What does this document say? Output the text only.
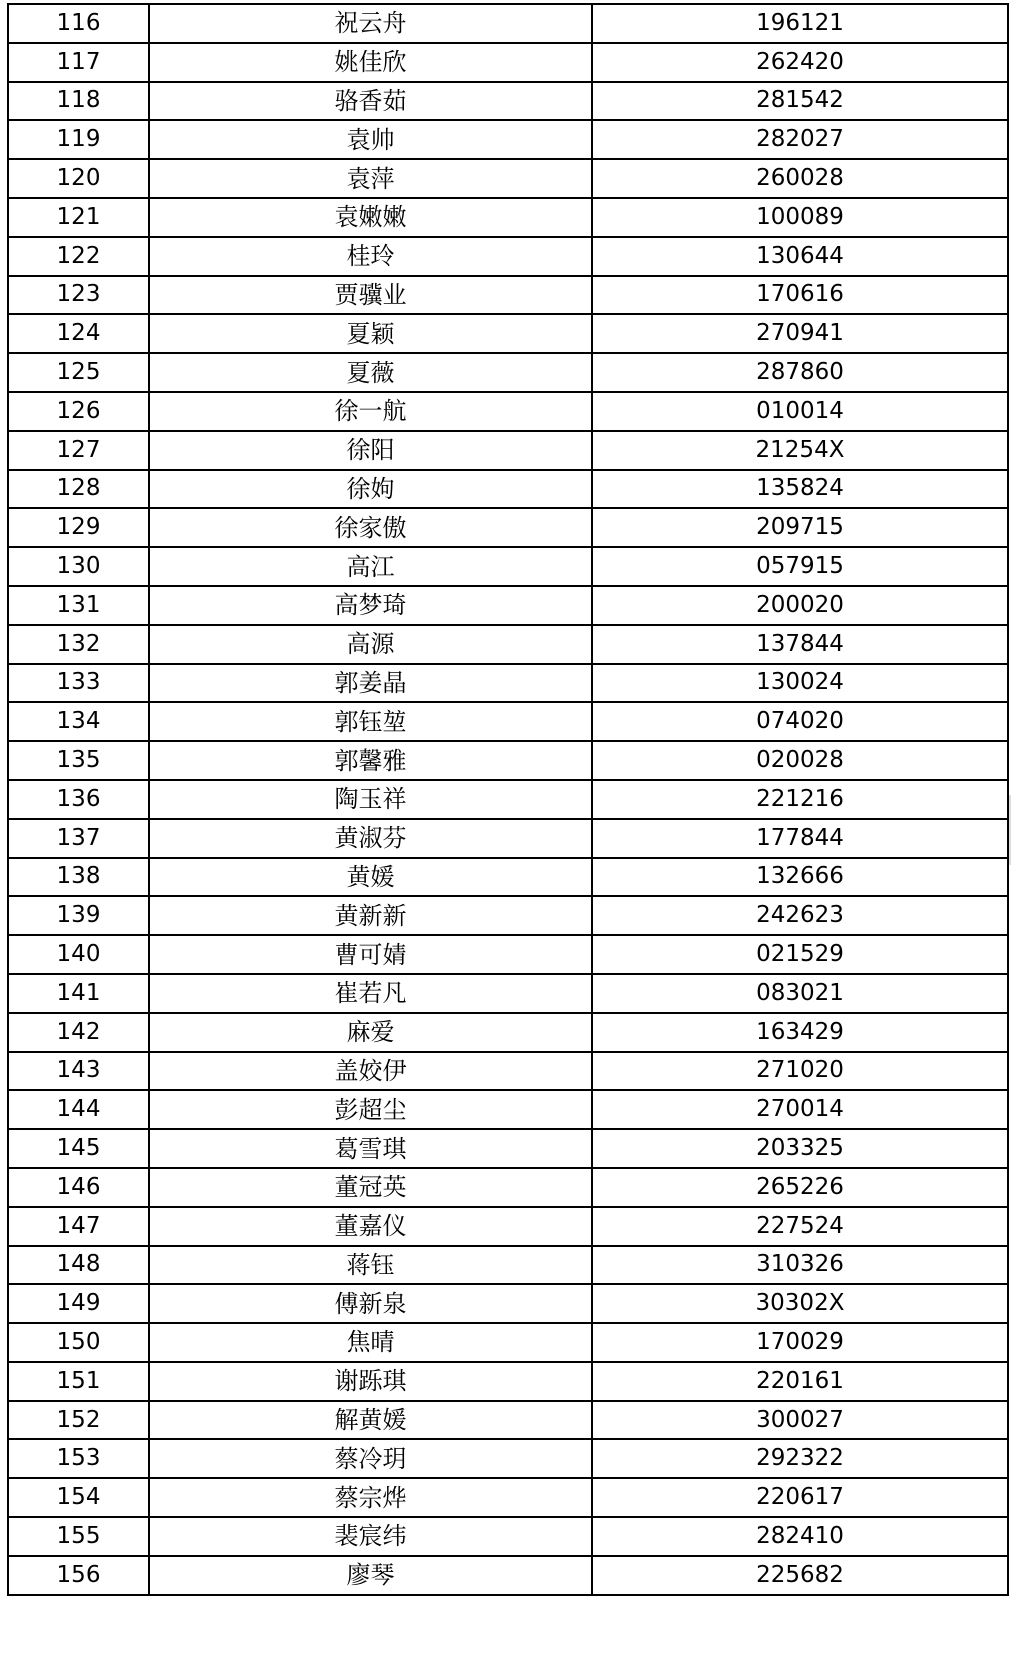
116	祝云舟	196121
117	姚佳欣	262420
118	骆香茹	281542
119	袁帅	282027
120	袁萍	260028
121	袁嫩嫩	100089
122	桂玲	130644
123	贾骥业	170616
124	夏颖	270941
125	夏薇	287860
126	徐一航	010014
127	徐阳	21254X
128	徐姁	135824
129	徐家傲	209715
130	高江	057915
131	高梦琦	200020
132	高源	137844
133	郭姜晶	130024
134	郭钰堃	074020
135	郭馨雅	020028
136	陶玉祥	221216
137	黄淑芬	177844
138	黄媛	132666
139	黄新新	242623
140	曹可婧	021529
141	崔若凡	083021
142	麻爱	163429
143	盖姣伊	271020
144	彭超尘	270014
145	葛雪琪	203325
146	董冠英	265226
147	董嘉仪	227524
148	蒋钰	310326
149	傅新泉	30302X
150	焦晴	170029
151	谢跞琪	220161
152	解黄媛	300027
153	蔡冷玥	292322
154	蔡宗烨	220617
155	裴宸纬	282410
156	廖琴	225682
